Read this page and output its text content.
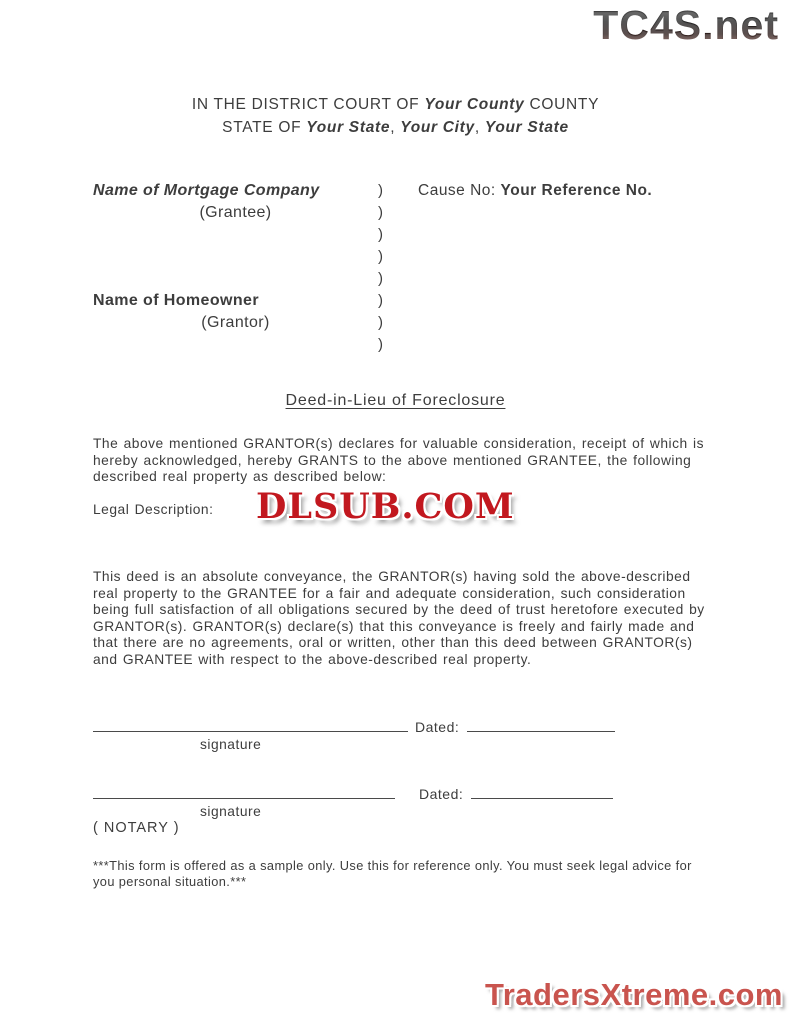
TC4S.net
IN THE DISTRICT COURT OF Your County COUNTY
STATE OF Your State, Your City, Your State
Name of Mortgage Company	)	Cause No: Your Reference No.
(Grantee)	)
)
)
)
Name of Homeowner	)
(Grantor)	)
)
Deed-in-Lieu of Foreclosure
The above mentioned GRANTOR(s) declares for valuable consideration, receipt of which is hereby acknowledged, hereby GRANTS to the above mentioned GRANTEE, the following described real property as described below:
Legal Description:	DLSUB.COM
This deed is an absolute conveyance, the GRANTOR(s) having sold the above-described real property to the GRANTEE for a fair and adequate consideration, such consideration being full satisfaction of all obligations secured by the deed of trust heretofore executed by GRANTOR(s). GRANTOR(s) declare(s) that this conveyance is freely and fairly made and that there are no agreements, oral or written, other than this deed between GRANTOR(s) and GRANTEE with respect to the above-described real property.
Dated:
signature
Dated:
signature
( NOTARY )
***This form is offered as a sample only. Use this for reference only. You must seek legal advice for you personal situation.***
TradersXtreme.com
